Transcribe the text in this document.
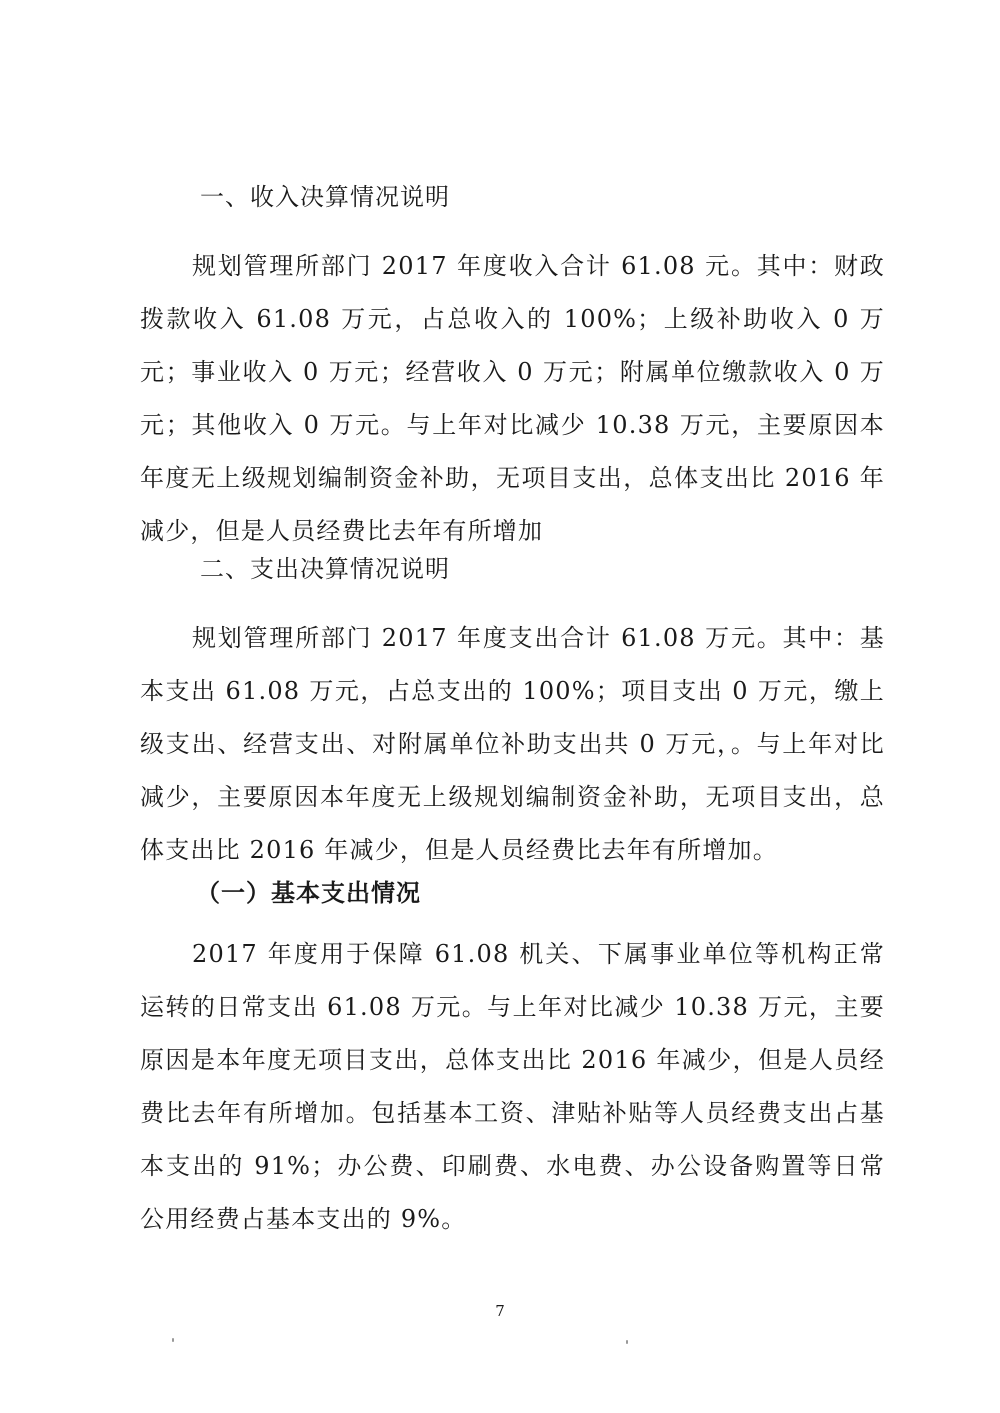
一、收入决算情况说明

规划管理所部门 2017 年度收入合计 61.08 元。其中：财政拨款收入 61.08 万元，占总收入的 100%；上级补助收入 0 万元；事业收入 0 万元；经营收入 0 万元；附属单位缴款收入 0 万元；其他收入 0 万元。与上年对比减少 10.38 万元，主要原因本年度无上级规划编制资金补助，无项目支出，总体支出比 2016 年减少，但是人员经费比去年有所增加

二、支出决算情况说明

规划管理所部门 2017 年度支出合计 61.08 万元。其中：基本支出 61.08 万元，占总支出的 100%；项目支出 0 万元，缴上级支出、经营支出、对附属单位补助支出共 0 万元，。与上年对比减少，主要原因本年度无上级规划编制资金补助，无项目支出，总体支出比 2016 年减少，但是人员经费比去年有所增加。

（一）基本支出情况

2017 年度用于保障 61.08 机关、下属事业单位等机构正常运转的日常支出 61.08 万元。与上年对比减少 10.38 万元，主要原因是本年度无项目支出，总体支出比 2016 年减少，但是人员经费比去年有所增加。包括基本工资、津贴补贴等人员经费支出占基本支出的 91%；办公费、印刷费、水电费、办公设备购置等日常公用经费占基本支出的 9%。

7
